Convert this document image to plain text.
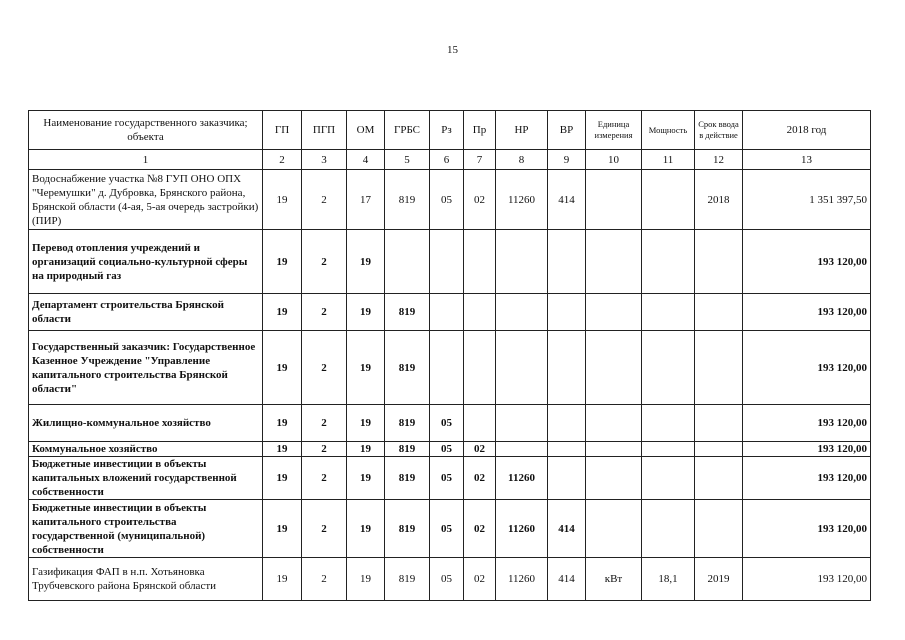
15
Наименование государственного заказчика; объекта	ГП	ПГП	ОМ	ГРБС	Рз	Пр	НР	ВР	Единица измерения	Мощность	Срок ввода в действие	2018 год
1	2	3	4	5	6	7	8	9	10	11	12	13
Водоснабжение участка №8 ГУП ОНО ОПХ "Черемушки" д. Дубровка, Брянского района, Брянской области (4-ая, 5-ая очередь застройки) (ПИР)	19	2	17	819	05	02	11260	414			2018	1 351 397,50
Перевод отопления учреждений и организаций социально-культурной сферы на природный газ	19	2	19									193 120,00
Департамент строительства Брянской области	19	2	19	819								193 120,00
Государственный заказчик: Государственное Казенное Учреждение "Управление капитального строительства Брянской области"	19	2	19	819								193 120,00
Жилищно-коммунальное хозяйство	19	2	19	819	05							193 120,00
Коммунальное хозяйство	19	2	19	819	05	02						193 120,00
Бюджетные инвестиции в объекты капитальных вложений государственной собственности	19	2	19	819	05	02	11260					193 120,00
Бюджетные инвестиции в объекты капитального строительства государственной (муниципальной) собственности	19	2	19	819	05	02	11260	414				193 120,00
Газификация ФАП в н.п. Хотьяновка Трубчевского района Брянской области	19	2	19	819	05	02	11260	414	кВт	18,1	2019	193 120,00
